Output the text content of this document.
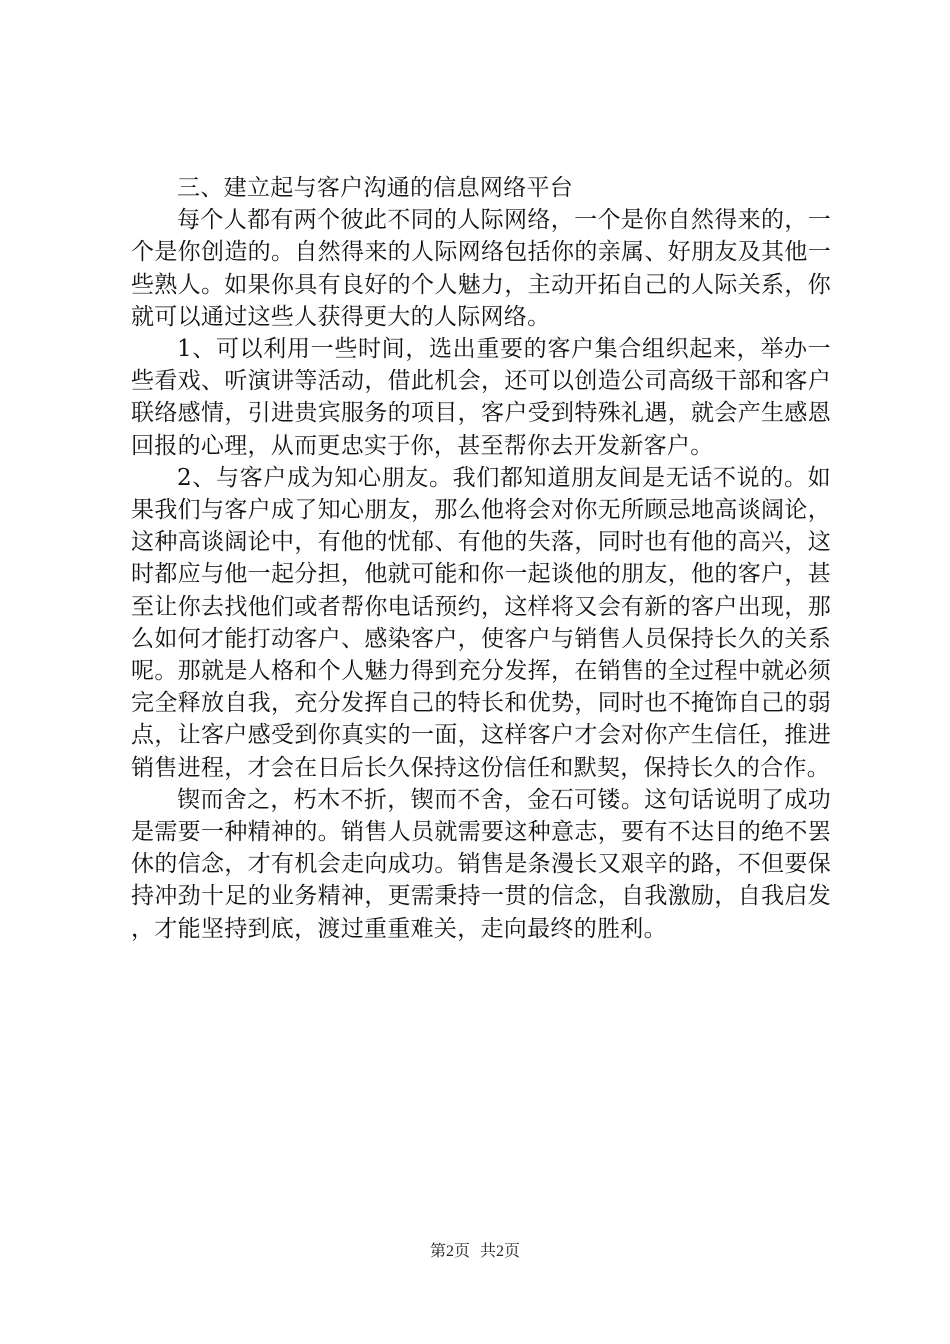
三、建立起与客户沟通的信息网络平台

每个人都有两个彼此不同的人际网络，一个是你自然得来的，一个是你创造的。自然得来的人际网络包括你的亲属、好朋友及其他一些熟人。如果你具有良好的个人魅力，主动开拓自己的人际关系，你就可以通过这些人获得更大的人际网络。

1、可以利用一些时间，选出重要的客户集合组织起来，举办一些看戏、听演讲等活动，借此机会，还可以创造公司高级干部和客户联络感情，引进贵宾服务的项目，客户受到特殊礼遇，就会产生感恩回报的心理，从而更忠实于你，甚至帮你去开发新客户。

2、与客户成为知心朋友。我们都知道朋友间是无话不说的。如果我们与客户成了知心朋友，那么他将会对你无所顾忌地高谈阔论，这种高谈阔论中，有他的忧郁、有他的失落，同时也有他的高兴，这时都应与他一起分担，他就可能和你一起谈他的朋友，他的客户，甚至让你去找他们或者帮你电话预约，这样将又会有新的客户出现，那么如何才能打动客户、感染客户，使客户与销售人员保持长久的关系呢。那就是人格和个人魅力得到充分发挥，在销售的全过程中就必须完全释放自我，充分发挥自己的特长和优势，同时也不掩饰自己的弱点，让客户感受到你真实的一面，这样客户才会对你产生信任，推进销售进程，才会在日后长久保持这份信任和默契，保持长久的合作。

锲而舍之，朽木不折，锲而不舍，金石可镂。这句话说明了成功是需要一种精神的。销售人员就需要这种意志，要有不达目的绝不罢休的信念，才有机会走向成功。销售是条漫长又艰辛的路，不但要保持冲劲十足的业务精神，更需秉持一贯的信念，自我激励，自我启发，才能坚持到底，渡过重重难关，走向最终的胜利。

第2页 共2页
